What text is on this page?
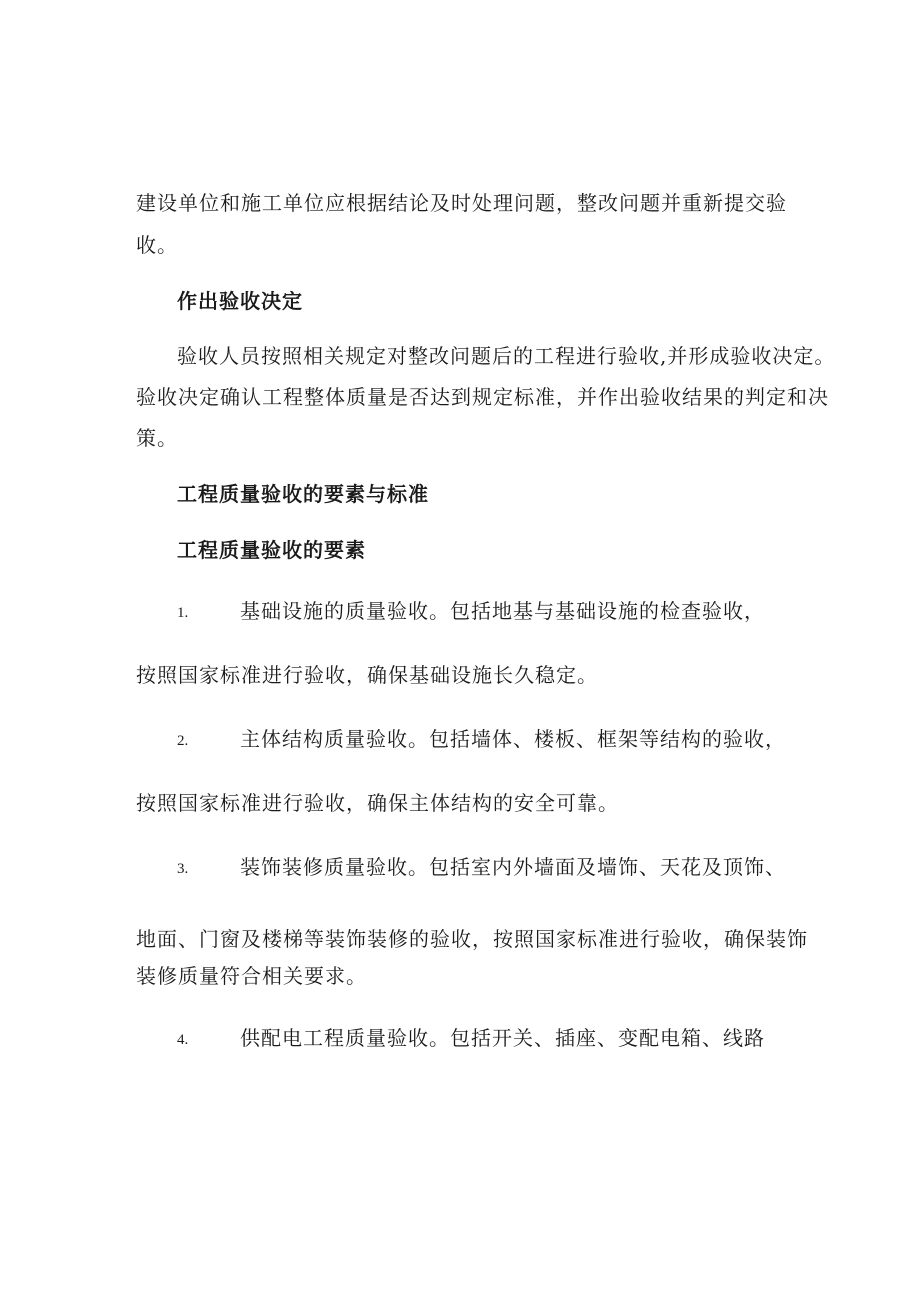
建设单位和施工单位应根据结论及时处理问题，整改问题并重新提交验

收。

作出验收决定

验收人员按照相关规定对整改问题后的工程进行验收,并形成验收决定。

验收决定确认工程整体质量是否达到规定标准，并作出验收结果的判定和决

策。

工程质量验收的要素与标准

工程质量验收的要素

1.	基础设施的质量验收。包括地基与基础设施的检查验收，

按照国家标准进行验收，确保基础设施长久稳定。

2.	主体结构质量验收。包括墙体、楼板、框架等结构的验收，

按照国家标准进行验收，确保主体结构的安全可靠。

3.	装饰装修质量验收。包括室内外墙面及墙饰、天花及顶饰、

地面、门窗及楼梯等装饰装修的验收，按照国家标准进行验收，确保装饰

装修质量符合相关要求。

4.	供配电工程质量验收。包括开关、插座、变配电箱、线路
